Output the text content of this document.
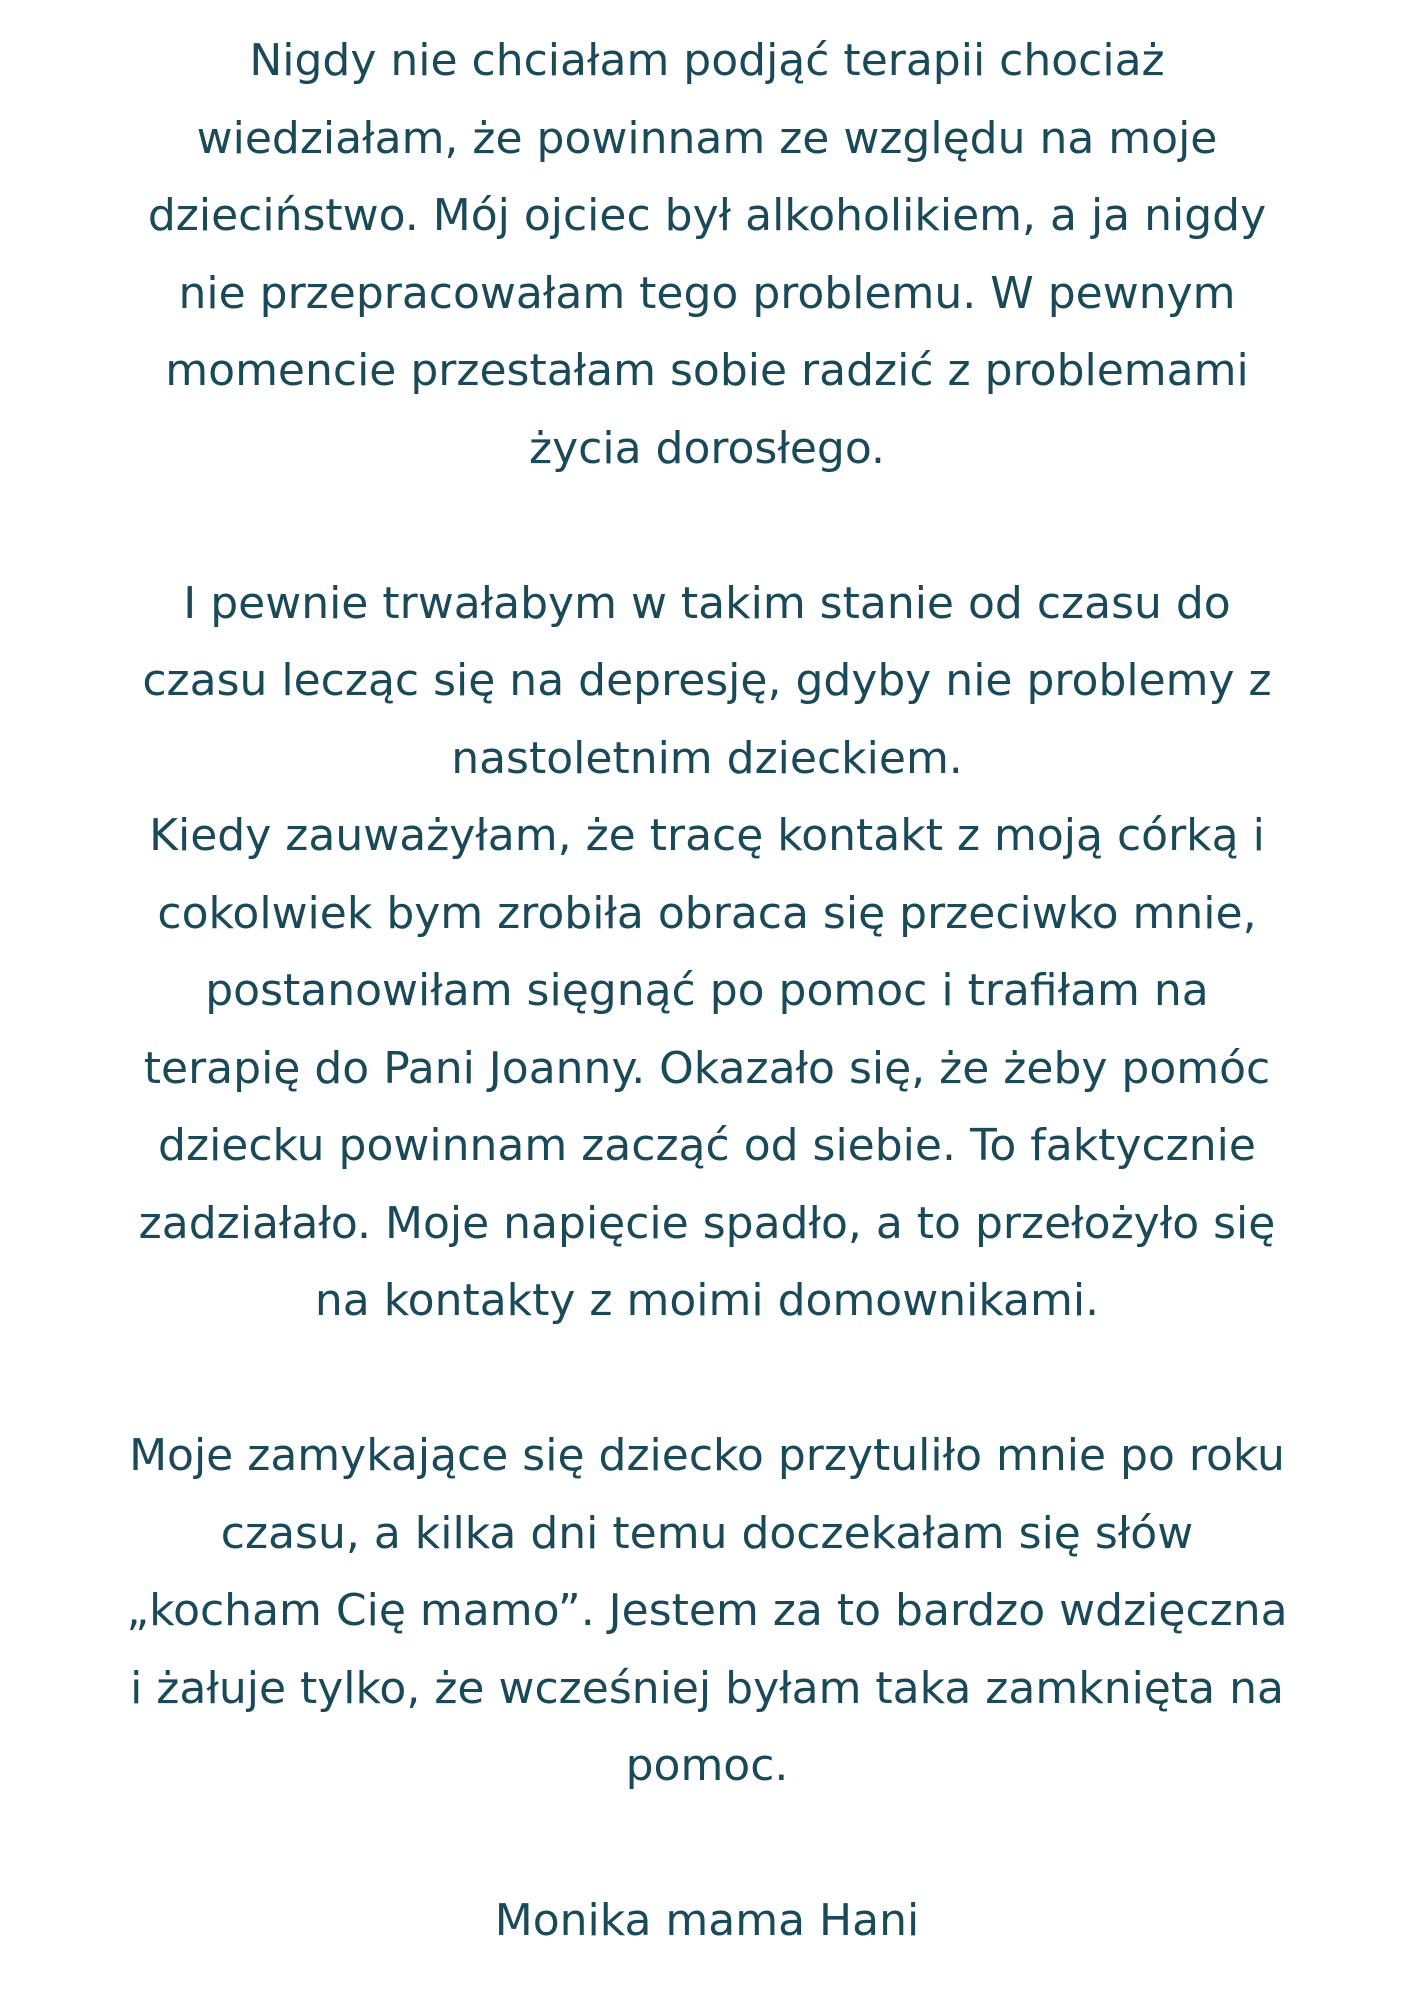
Nigdy nie chciałam podjąć terapii chociaż
wiedziałam, że powinnam ze względu na moje
dzieciństwo. Mój ojciec był alkoholikiem, a ja nigdy
nie przepracowałam tego problemu. W pewnym
momencie przestałam sobie radzić z problemami
życia dorosłego.

I pewnie trwałabym w takim stanie od czasu do
czasu lecząc się na depresję, gdyby nie problemy z
nastoletnim dzieckiem.

Kiedy zauważyłam, że tracę kontakt z moją córką i
cokolwiek bym zrobiła obraca się przeciwko mnie,
postanowiłam sięgnąć po pomoc i trafiłam na
terapię do Pani Joanny. Okazało się, że żeby pomóc
dziecku powinnam zacząć od siebie. To faktycznie
zadziałało. Moje napięcie spadło, a to przełożyło się
na kontakty z moimi domownikami.

Moje zamykające się dziecko przytuliło mnie po roku
czasu, a kilka dni temu doczekałam się słów
„kocham Cię mamo”. Jestem za to bardzo wdzięczna
i żałuje tylko, że wcześniej byłam taka zamknięta na
pomoc.

Monika mama Hani
